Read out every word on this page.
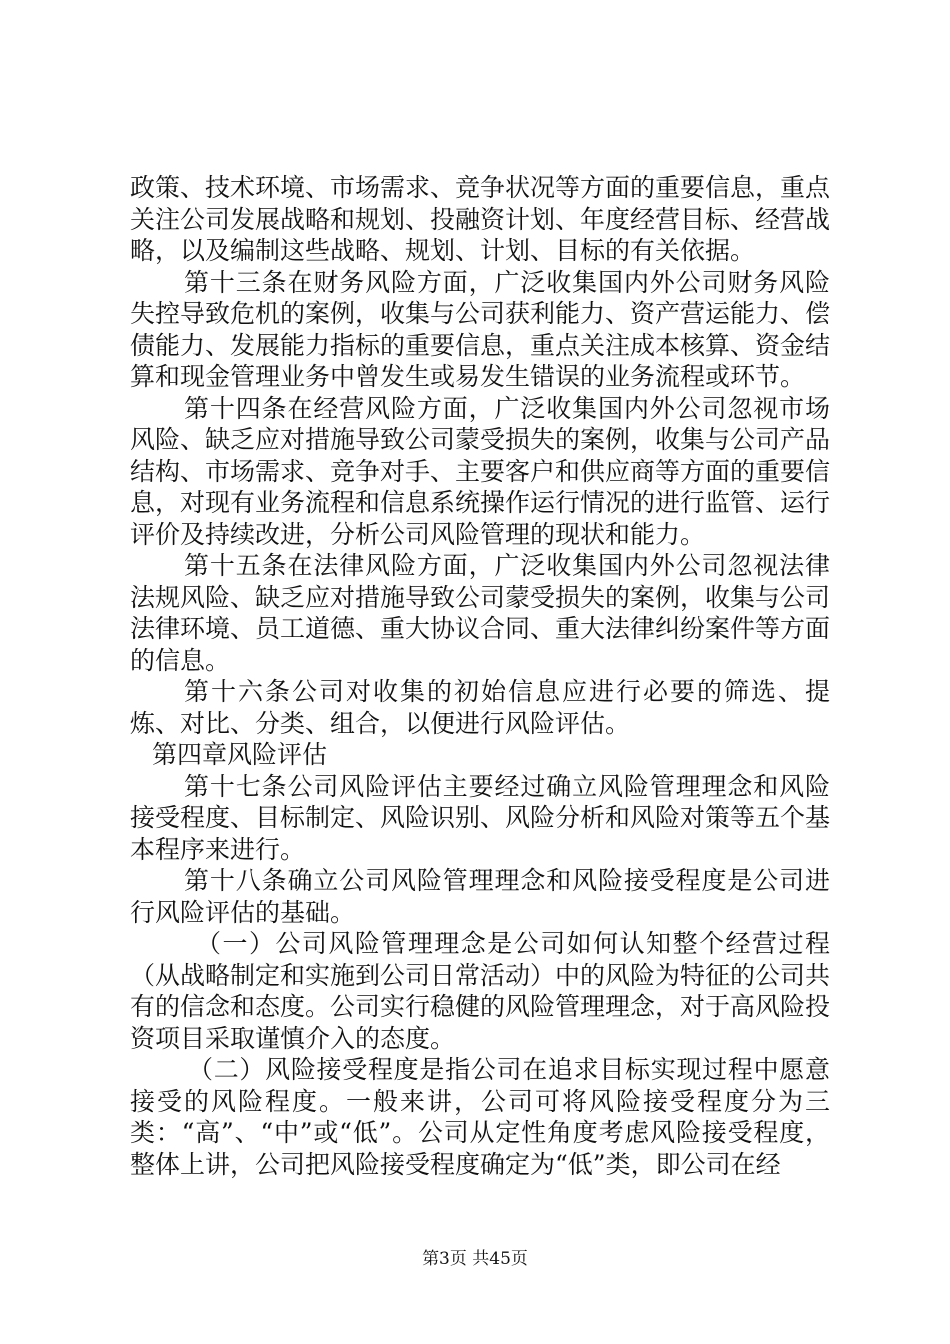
政策、技术环境、市场需求、竞争状况等方面的重要信息，重点关注公司发展战略和规划、投融资计划、年度经营目标、经营战略，以及编制这些战略、规划、计划、目标的有关依据。

第十三条在财务风险方面，广泛收集国内外公司财务风险失控导致危机的案例，收集与公司获利能力、资产营运能力、偿债能力、发展能力指标的重要信息，重点关注成本核算、资金结算和现金管理业务中曾发生或易发生错误的业务流程或环节。

第十四条在经营风险方面，广泛收集国内外公司忽视市场风险、缺乏应对措施导致公司蒙受损失的案例，收集与公司产品结构、市场需求、竞争对手、主要客户和供应商等方面的重要信息，对现有业务流程和信息系统操作运行情况的进行监管、运行评价及持续改进，分析公司风险管理的现状和能力。

第十五条在法律风险方面，广泛收集国内外公司忽视法律法规风险、缺乏应对措施导致公司蒙受损失的案例，收集与公司法律环境、员工道德、重大协议合同、重大法律纠纷案件等方面的信息。

第十六条公司对收集的初始信息应进行必要的筛选、提炼、对比、分类、组合，以便进行风险评估。

第四章风险评估

第十七条公司风险评估主要经过确立风险管理理念和风险接受程度、目标制定、风险识别、风险分析和风险对策等五个基本程序来进行。

第十八条确立公司风险管理理念和风险接受程度是公司进行风险评估的基础。

（一）公司风险管理理念是公司如何认知整个经营过程（从战略制定和实施到公司日常活动）中的风险为特征的公司共有的信念和态度。公司实行稳健的风险管理理念，对于高风险投资项目采取谨慎介入的态度。

（二）风险接受程度是指公司在追求目标实现过程中愿意接受的风险程度。一般来讲，公司可将风险接受程度分为三类：“高”、“中”或“低”。公司从定性角度考虑风险接受程度，整体上讲，公司把风险接受程度确定为“低”类，即公司在经

第3页 共45页
